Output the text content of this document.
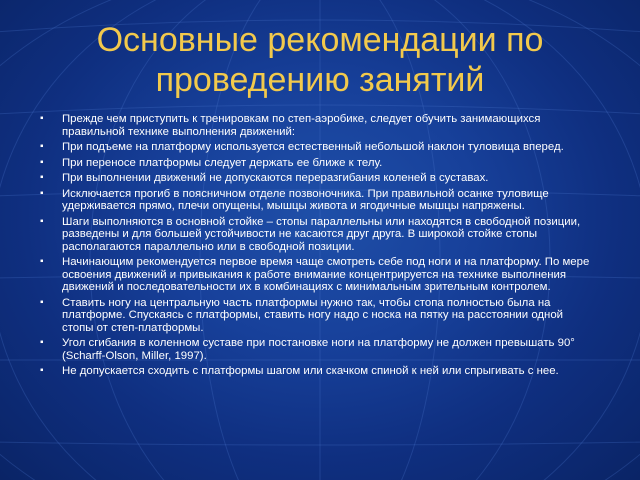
Основные рекомендации по проведению занятий
▪ Прежде чем приступить к тренировкам по степ-аэробике, следует обучить занимающихся правильной технике выполнения движений:
▪ При подъеме на платформу используется естественный небольшой наклон туловища вперед.
▪ При переносе платформы следует держать ее ближе к телу.
▪ При выполнении движений не допускаются переразгибания коленей в суставах.
▪ Исключается прогиб в поясничном отделе позвоночника. При правильной осанке туловище удерживается прямо, плечи опущены, мышцы живота и ягодичные мышцы напряжены.
▪ Шаги выполняются в основной стойке – стопы параллельны или находятся в свободной позиции, разведены и для большей устойчивости не касаются друг друга. В широкой стойке стопы располагаются параллельно или в свободной позиции.
▪ Начинающим рекомендуется первое время чаще смотреть себе под ноги и на платформу. По мере освоения движений и привыкания к работе внимание концентрируется на технике выполнения движений и последовательности их в комбинациях с минимальным зрительным контролем.
▪ Ставить ногу на центральную часть платформы нужно так, чтобы стопа полностью была на платформе. Спускаясь с платформы, ставить ногу надо с носка на пятку на расстоянии одной стопы от степ-платформы.
▪ Угол сгибания в коленном суставе при постановке ноги на платформу не должен превышать 90° (Scharff-Olson, Miller, 1997).
▪ Не допускается сходить с платформы шагом или скачком спиной к ней или спрыгивать с нее.
